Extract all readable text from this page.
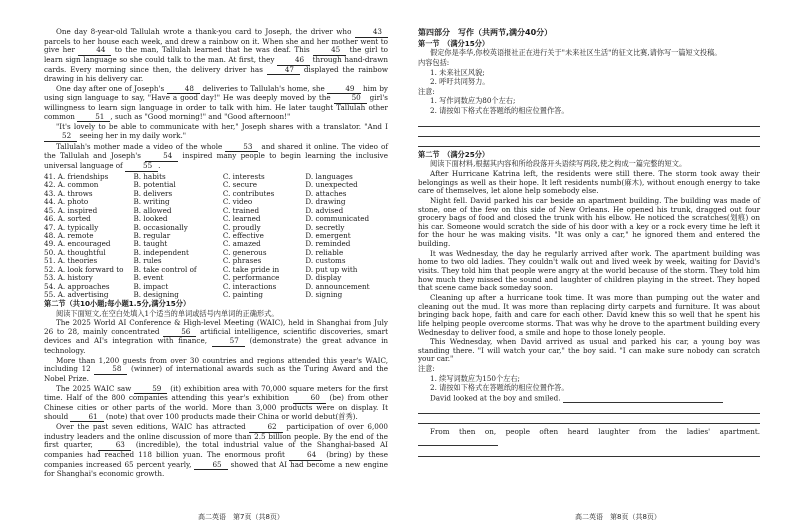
One day 8-year-old Tallulah wrote a thank-you card to Joseph, the driver who	43 parcels to her house each week, and drew a rainbow on it. When she and her mother went to give her	44 to the man, Tallulah learned that he was deaf. This	45 the girl to learn sign language so she could talk to the man. At first, they	46 through hand-drawn cards. Every morning since then, the delivery driver has	47 displayed the rainbow drawing in his delivery car.

One day after one of Joseph's	48 deliveries to Tallulah's home, she	49 him by using sign language to say, "Have a good day!" He was deeply moved by the	50 girl's willingness to learn sign language in order to talk with him. He later taught Tallulah other common	51 , such as "Good morning!" and "Good afternoon!"

"It's lovely to be able to communicate with her," Joseph shares with a translator. "And I 52 seeing her in my daily work."

Tallulah's mother made a video of the whole	53 and shared it online. The video of the Tallulah and Joseph's	54 inspired many people to begin learning the inclusive universal language of	55 .

41. A. friendships	B. habits	C. interests	D. languages
42. A. common	B. potential	C. secure	D. unexpected
43. A. throws	B. delivers	C. contributes	D. attaches
44. A. photo	B. writing	C. video	D. drawing
45. A. inspired	B. allowed	C. trained	D. advised
46. A. sorted	B. looked	C. learned	D. communicated
47. A. typically	B. occasionally	C. proudly	D. secretly
48. A. remote	B. regular	C. effective	D. emergent
49. A. encouraged	B. taught	C. amazed	D. reminded
50. A. thoughtful	B. independent	C. generous	D. reliable
51. A. theories	B. rules	C. phrases	D. customs
52. A. look forward to	B. take control of	C. take pride in	D. put up with
53. A. history	B. event	C. performance	D. display
54. A. approaches	B. impact	C. interactions	D. announcement
55. A. advertising	B. designing	C. painting	D. signing

第二节（共10小题;每小题1.5分,满分15分）

阅读下面短文,在空白处填入1个适当的单词或括号内单词的正确形式。

The 2025 World AI Conference & High-level Meeting (WAIC), held in Shanghai from July 26 to 28, mainly concentrated	56 artificial intelligence, scientific discoveries, smart devices and AI's integration with finance,	57 (demonstrate) the great advance in technology.

More than 1,200 guests from over 30 countries and regions attended this year's WAIC, including 12	58 (winner) of international awards such as the Turing Award and the Nobel Prize.

The 2025 WAIC saw	59 (it) exhibition area with 70,000 square meters for the first time. Half of the 800 companies attending this year's exhibition	60 (be) from other Chinese cities or other parts of the world. More than 3,000 products were on display. It should	61 (note) that over 100 products made their China or world debut(首秀).

Over the past seven editions, WAIC has attracted	62 participation of over 6,000 industry leaders and the online discussion of more than 2.5 billion people. By the end of the first quarter,	63 (incredible), the total industrial value of the Shanghai-based AI companies had reached 118 billion yuan. The enormous profit	64 (bring) by these companies increased 65 percent yearly,	65 showed that AI had become a new engine for Shanghai's economic growth.

第四部分　写作（共两节,满分40分）

第一节　（满分15分）

假定你是李华,你校英语报社正在进行关于"未来社区生活"的征文比赛,请你写一篇短文投稿。

内容包括:

1. 未来社区风貌;

2. 呼吁共同努力。

注意:

1. 写作词数应为80个左右;

2. 请按如下格式在答题纸的相应位置作答。

第二节　（满分25分）

阅读下面材料,根据其内容和所给段落开头语续写两段,使之构成一篇完整的短文。

After Hurricane Katrina left, the residents were still there. The storm took away their belongings as well as their hope. It left residents numb(麻木), without enough energy to take care of themselves, let alone help somebody else.

Night fell. David parked his car beside an apartment building. The building was made of stone, one of the few on this side of New Orleans. He opened his trunk, dragged out four grocery bags of food and closed the trunk with his elbow. He noticed the scratches(划痕) on his car. Someone would scratch the side of his door with a key or a rock every time he left it for the hour he was making visits. "It was only a car," he ignored them and entered the building.

It was Wednesday, the day he regularly arrived after work. The apartment building was home to two old ladies. They couldn't walk out and lived week by week, waiting for David's visits. They told him that people were angry at the world because of the storm. They told him how much they missed the sound and laughter of children playing in the street. They hoped that scene came back someday soon.

Cleaning up after a hurricane took time. It was more than pumping out the water and cleaning out the mud. It was more than replacing dirty carpets and furniture. It was about bringing back hope, faith and care for each other. David knew this so well that he spent his life helping people overcome storms. That was why he drove to the apartment building every Wednesday to deliver food, a smile and hope to those lonely people.

This Wednesday, when David arrived as usual and parked his car, a young boy was standing there. "I will watch your car," the boy said. "I can make sure nobody can scratch your car."

注意:

1. 续写词数应为150个左右;

2. 请按如下格式在答题纸的相应位置作答。

David looked at the boy and smiled.

From then on, people often heard laughter from the ladies' apartment.

高二英语　第7页（共8页）	高二英语　第8页（共8页）
